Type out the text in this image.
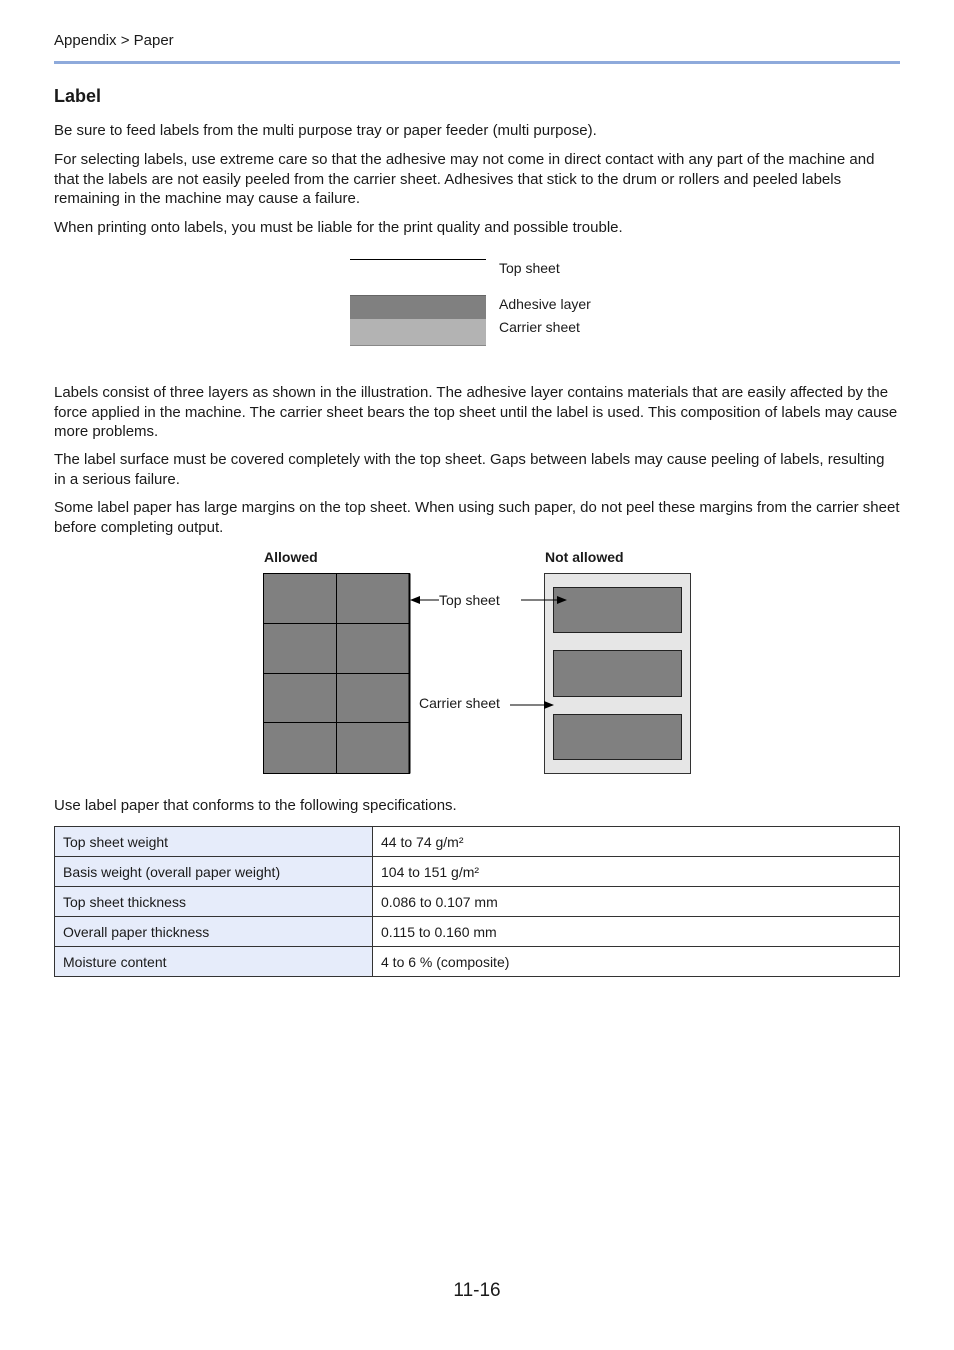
Appendix > Paper
Label

Be sure to feed labels from the multi purpose tray or paper feeder (multi purpose).

For selecting labels, use extreme care so that the adhesive may not come in direct contact with any part of the machine and that the labels are not easily peeled from the carrier sheet. Adhesives that stick to the drum or rollers and peeled labels remaining in the machine may cause a failure.

When printing onto labels, you must be liable for the print quality and possible trouble.

Top sheet
Adhesive layer
Carrier sheet

Labels consist of three layers as shown in the illustration. The adhesive layer contains materials that are easily affected by the force applied in the machine. The carrier sheet bears the top sheet until the label is used. This composition of labels may cause more problems.

The label surface must be covered completely with the top sheet. Gaps between labels may cause peeling of labels, resulting in a serious failure.

Some label paper has large margins on the top sheet. When using such paper, do not peel these margins from the carrier sheet before completing output.

Allowed	Not allowed
Top sheet
Carrier sheet

Use label paper that conforms to the following specifications.

Top sheet weight	44 to 74 g/m²
Basis weight (overall paper weight)	104 to 151 g/m²
Top sheet thickness	0.086 to 0.107 mm
Overall paper thickness	0.115 to 0.160 mm
Moisture content	4 to 6 % (composite)
11-16
